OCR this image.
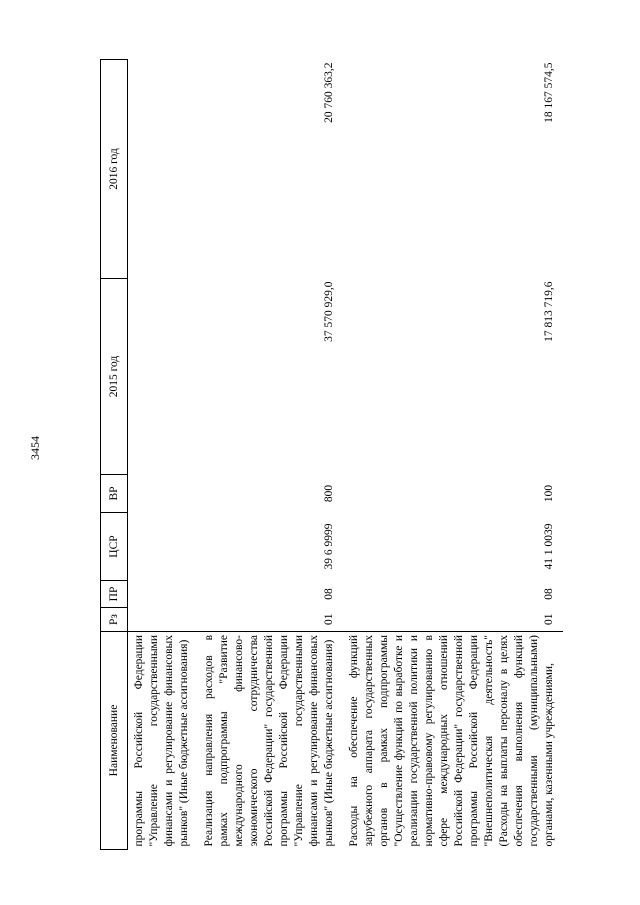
3454
Наименование	Рз	ПР	ЦСР	ВР	2015 год	2016 год
программы Российской Федерации "Управление государственными финансами и регулирование финансовых рынков" (Иные бюджетные ассигнования)						
Реализация направления расходов в рамках подпрограммы "Развитие международного финансово-экономического сотрудничества Российской Федерации" государственной программы Российской Федерации "Управление государственными финансами и регулирование финансовых рынков" (Иные бюджетные ассигнования)	01	08	39 6 9999	800	37 570 929,0	20 760 363,2
Расходы на обеспечение функций зарубежного аппарата государственных органов в рамках подпрограммы "Осуществление функций по выработке и реализации государственной политики и нормативно-правовому регулированию в сфере международных отношений Российской Федерации" государственной программы Российской Федерации "Внешнеполитическая деятельность" (Расходы на выплаты персоналу в целях обеспечения выполнения функций государственными (муниципальными) органами, казенными учреждениями,	01	08	41 1 0039	100	17 813 719,6	18 167 574,5
